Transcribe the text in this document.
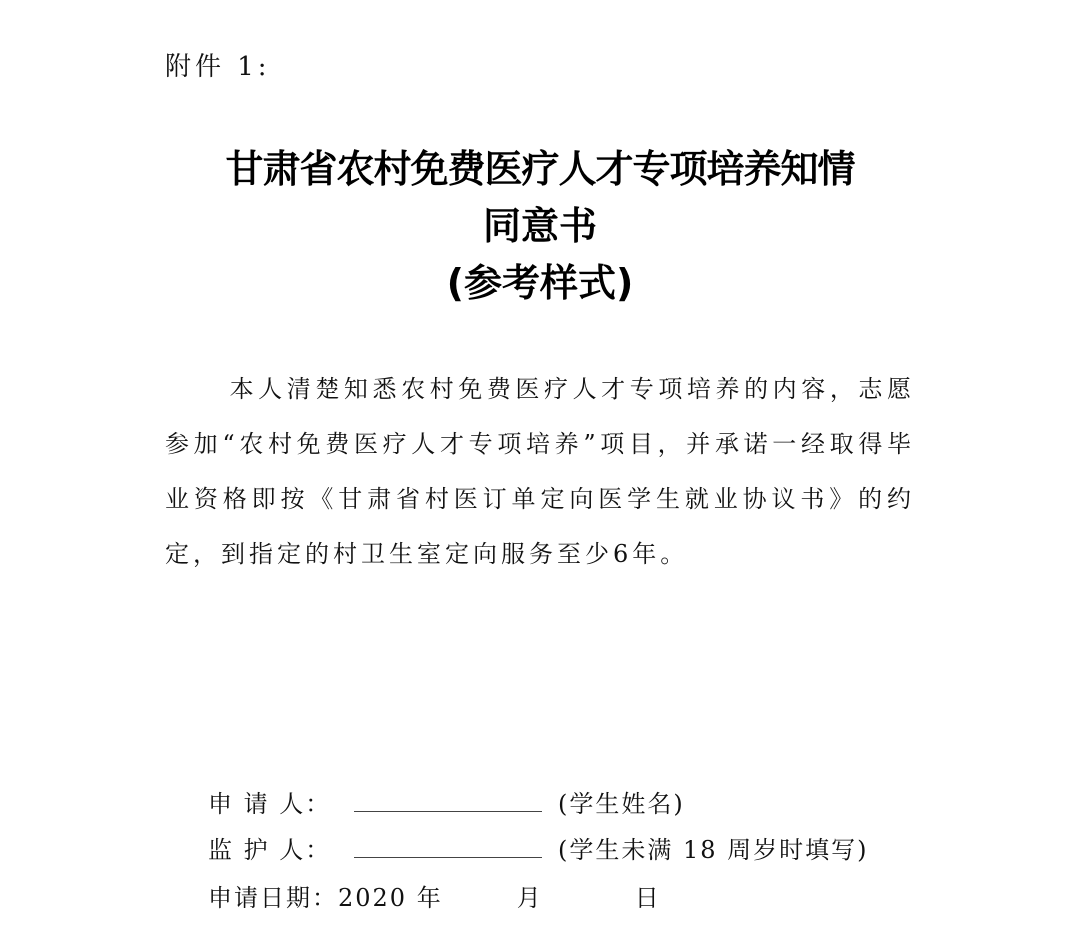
附件 1:
甘肃省农村免费医疗人才专项培养知情
同意书
(参考样式)
本人清楚知悉农村免费医疗人才专项培养的内容，志愿参加“农村免费医疗人才专项培养”项目，并承诺一经取得毕业资格即按《甘肃省村医订单定向医学生就业协议书》的约定，到指定的村卫生室定向服务至少6年。
申 请 人：	(学生姓名)
监 护 人：	(学生未满 18 周岁时填写)
申请日期：2020 年	月	日
